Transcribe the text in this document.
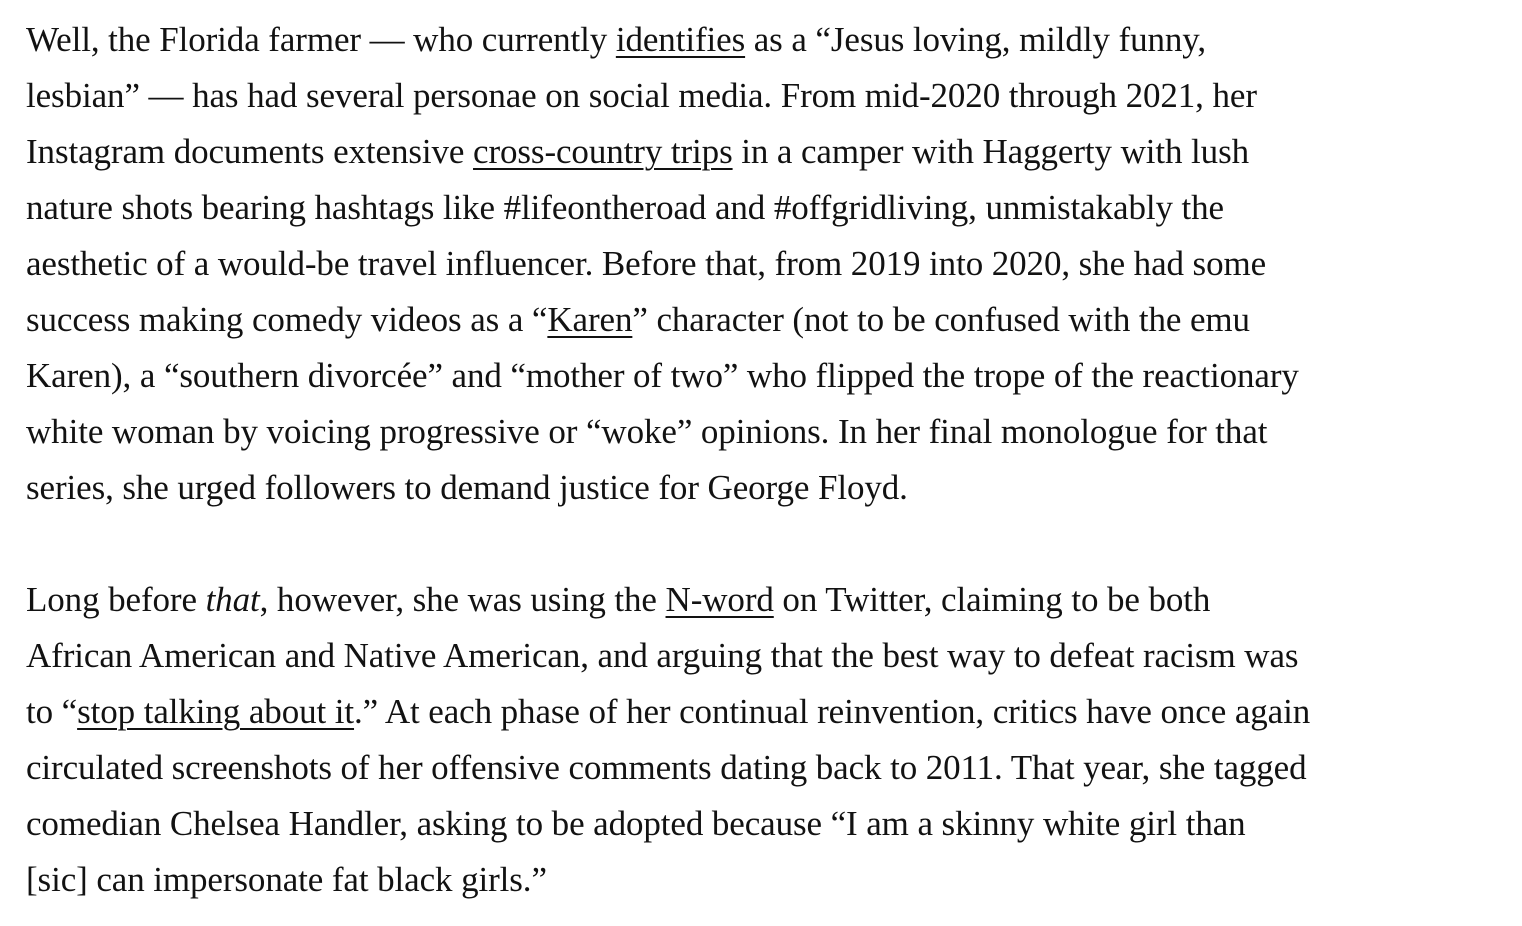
Well, the Florida farmer — who currently identifies as a “Jesus loving, mildly funny,
lesbian” — has had several personae on social media. From mid-2020 through 2021, her
Instagram documents extensive cross-country trips in a camper with Haggerty with lush
nature shots bearing hashtags like #lifeontheroad and #offgridliving, unmistakably the
aesthetic of a would-be travel influencer. Before that, from 2019 into 2020, she had some
success making comedy videos as a “Karen” character (not to be confused with the emu
Karen), a “southern divorcée” and “mother of two” who flipped the trope of the reactionary
white woman by voicing progressive or “woke” opinions. In her final monologue for that
series, she urged followers to demand justice for George Floyd.

Long before that, however, she was using the N-word on Twitter, claiming to be both
African American and Native American, and arguing that the best way to defeat racism was
to “stop talking about it.” At each phase of her continual reinvention, critics have once again
circulated screenshots of her offensive comments dating back to 2011. That year, she tagged
comedian Chelsea Handler, asking to be adopted because “I am a skinny white girl than
[sic] can impersonate fat black girls.”
